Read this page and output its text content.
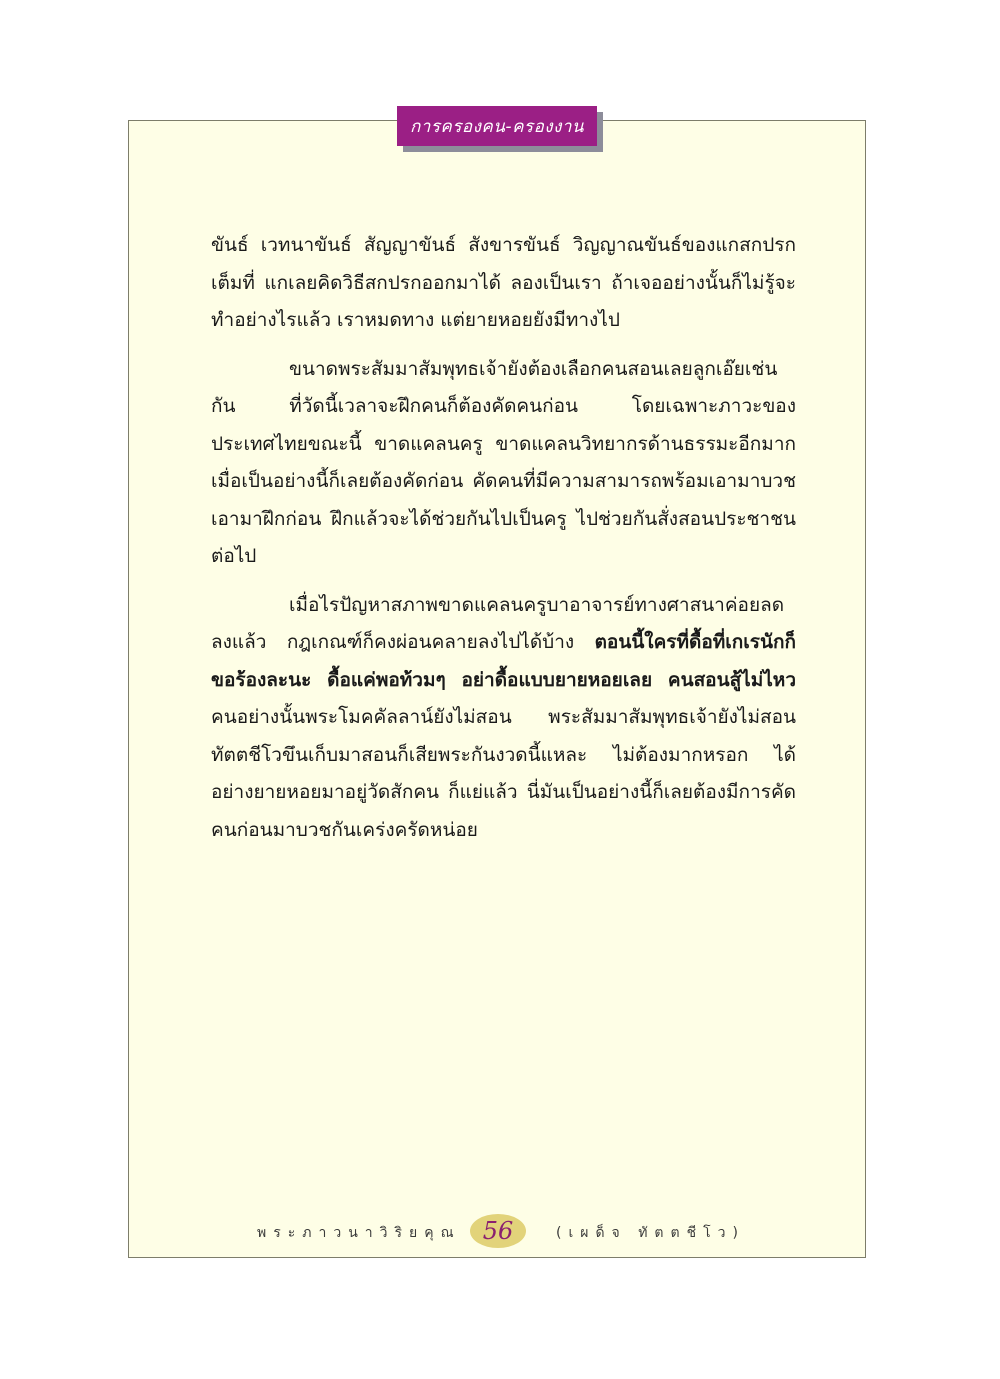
การครองคน-ครองงาน

ขันธ์ เวทนาขันธ์ สัญญาขันธ์ สังขารขันธ์ วิญญาณขันธ์ของแกสกปรกเต็มที่ แกเลยคิดวิธีสกปรกออกมาได้ ลองเป็นเรา ถ้าเจออย่างนั้นก็ไม่รู้จะทำอย่างไรแล้ว เราหมดทาง แต่ยายหอยยังมีทางไป

ขนาดพระสัมมาสัมพุทธเจ้ายังต้องเลือกคนสอนเลยลูกเอ๊ยเช่นกัน ที่วัดนี้เวลาจะฝึกคนก็ต้องคัดคนก่อน โดยเฉพาะภาวะของประเทศไทยขณะนี้ ขาดแคลนครู ขาดแคลนวิทยากรด้านธรรมะอีกมาก เมื่อเป็นอย่างนี้ก็เลยต้องคัดก่อน คัดคนที่มีความสามารถพร้อมเอามาบวชเอามาฝึกก่อน ฝึกแล้วจะได้ช่วยกันไปเป็นครู ไปช่วยกันสั่งสอนประชาชนต่อไป

เมื่อไรปัญหาสภาพขาดแคลนครูบาอาจารย์ทางศาสนาค่อยลดลงแล้ว กฎเกณฑ์ก็คงผ่อนคลายลงไปได้บ้าง ตอนนี้ใครที่ดื้อที่เกเรนักก็ขอร้องละนะ ดื้อแค่พอท้วมๆ อย่าดื้อแบบยายหอยเลย คนสอนสู้ไม่ไหว คนอย่างนั้นพระโมคคัลลาน์ยังไม่สอน พระสัมมาสัมพุทธเจ้ายังไม่สอน ทัตตชีโวขึนเก็บมาสอนก็เสียพระกันงวดนี้แหละ ไม่ต้องมากหรอก ได้อย่างยายหอยมาอยู่วัดสักคน ก็แย่แล้ว นี่มันเป็นอย่างนี้ก็เลยต้องมีการคัดคนก่อนมาบวชกันเคร่งครัดหน่อย

พระภาวนาวิริยคุณ 56	(เผด็จ ทัตตชีโว)
